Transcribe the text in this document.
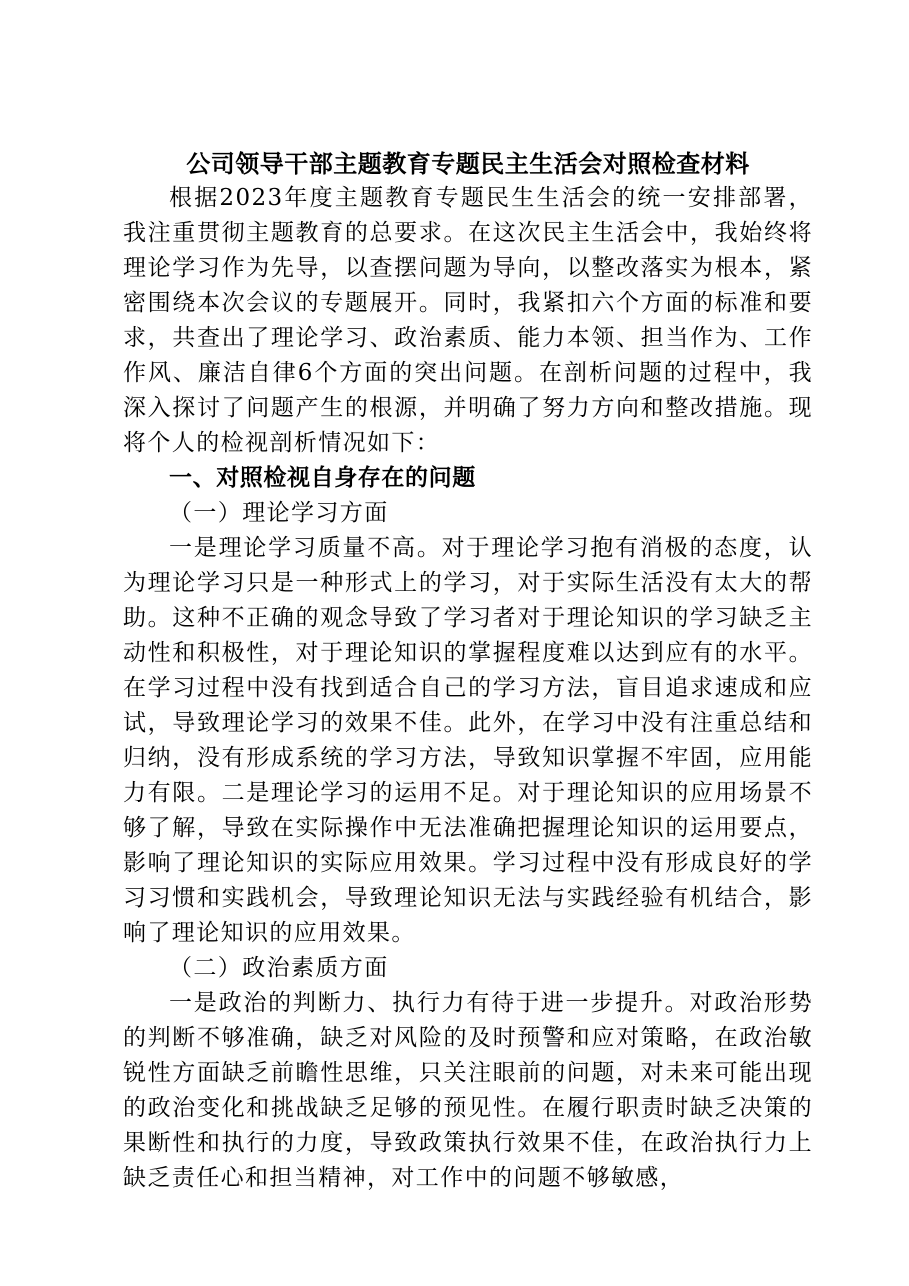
公司领导干部主题教育专题民主生活会对照检查材料

根据2023年度主题教育专题民生生活会的统一安排部署，我注重贯彻主题教育的总要求。在这次民主生活会中，我始终将理论学习作为先导，以查摆问题为导向，以整改落实为根本，紧密围绕本次会议的专题展开。同时，我紧扣六个方面的标准和要求，共查出了理论学习、政治素质、能力本领、担当作为、工作作风、廉洁自律6个方面的突出问题。在剖析问题的过程中，我深入探讨了问题产生的根源，并明确了努力方向和整改措施。现将个人的检视剖析情况如下：

一、对照检视自身存在的问题

（一）理论学习方面

一是理论学习质量不高。对于理论学习抱有消极的态度，认为理论学习只是一种形式上的学习，对于实际生活没有太大的帮助。这种不正确的观念导致了学习者对于理论知识的学习缺乏主动性和积极性，对于理论知识的掌握程度难以达到应有的水平。在学习过程中没有找到适合自己的学习方法，盲目追求速成和应试，导致理论学习的效果不佳。此外，在学习中没有注重总结和归纳，没有形成系统的学习方法，导致知识掌握不牢固，应用能力有限。二是理论学习的运用不足。对于理论知识的应用场景不够了解，导致在实际操作中无法准确把握理论知识的运用要点，影响了理论知识的实际应用效果。学习过程中没有形成良好的学习习惯和实践机会，导致理论知识无法与实践经验有机结合，影响了理论知识的应用效果。

（二）政治素质方面

一是政治的判断力、执行力有待于进一步提升。对政治形势的判断不够准确，缺乏对风险的及时预警和应对策略，在政治敏锐性方面缺乏前瞻性思维，只关注眼前的问题，对未来可能出现的政治变化和挑战缺乏足够的预见性。在履行职责时缺乏决策的果断性和执行的力度，导致政策执行效果不佳，在政治执行力上缺乏责任心和担当精神，对工作中的问题不够敏感，
